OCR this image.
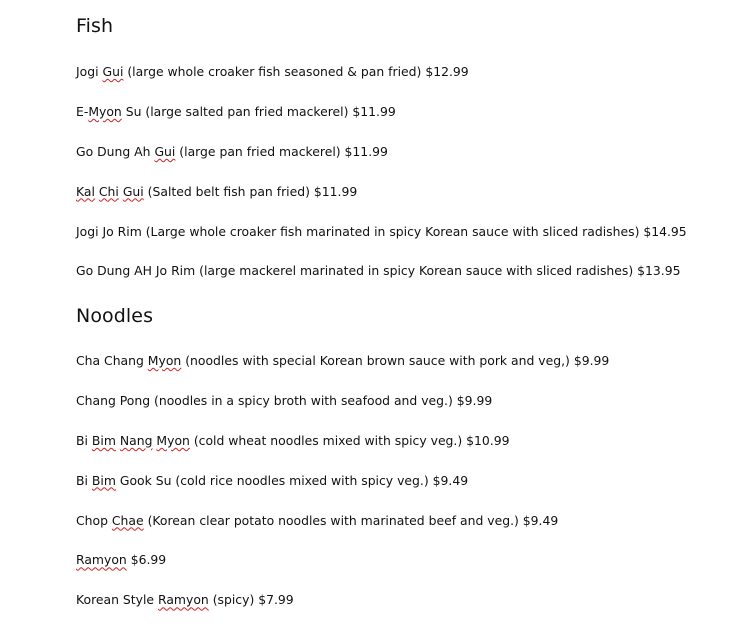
Fish
Jogi Gui (large whole croaker fish seasoned & pan fried) $12.99
E-Myon Su (large salted pan fried mackerel) $11.99
Go Dung Ah Gui (large pan fried mackerel) $11.99
Kal Chi Gui (Salted belt fish pan fried) $11.99
Jogi Jo Rim (Large whole croaker fish marinated in spicy Korean sauce with sliced radishes) $14.95
Go Dung AH Jo Rim (large mackerel marinated in spicy Korean sauce with sliced radishes) $13.95
Noodles
Cha Chang Myon (noodles with special Korean brown sauce with pork and veg,) $9.99
Chang Pong (noodles in a spicy broth with seafood and veg.) $9.99
Bi Bim Nang Myon (cold wheat noodles mixed with spicy veg.) $10.99
Bi Bim Gook Su (cold rice noodles mixed with spicy veg.) $9.49
Chop Chae (Korean clear potato noodles with marinated beef and veg.) $9.49
Ramyon $6.99
Korean Style Ramyon (spicy) $7.99
